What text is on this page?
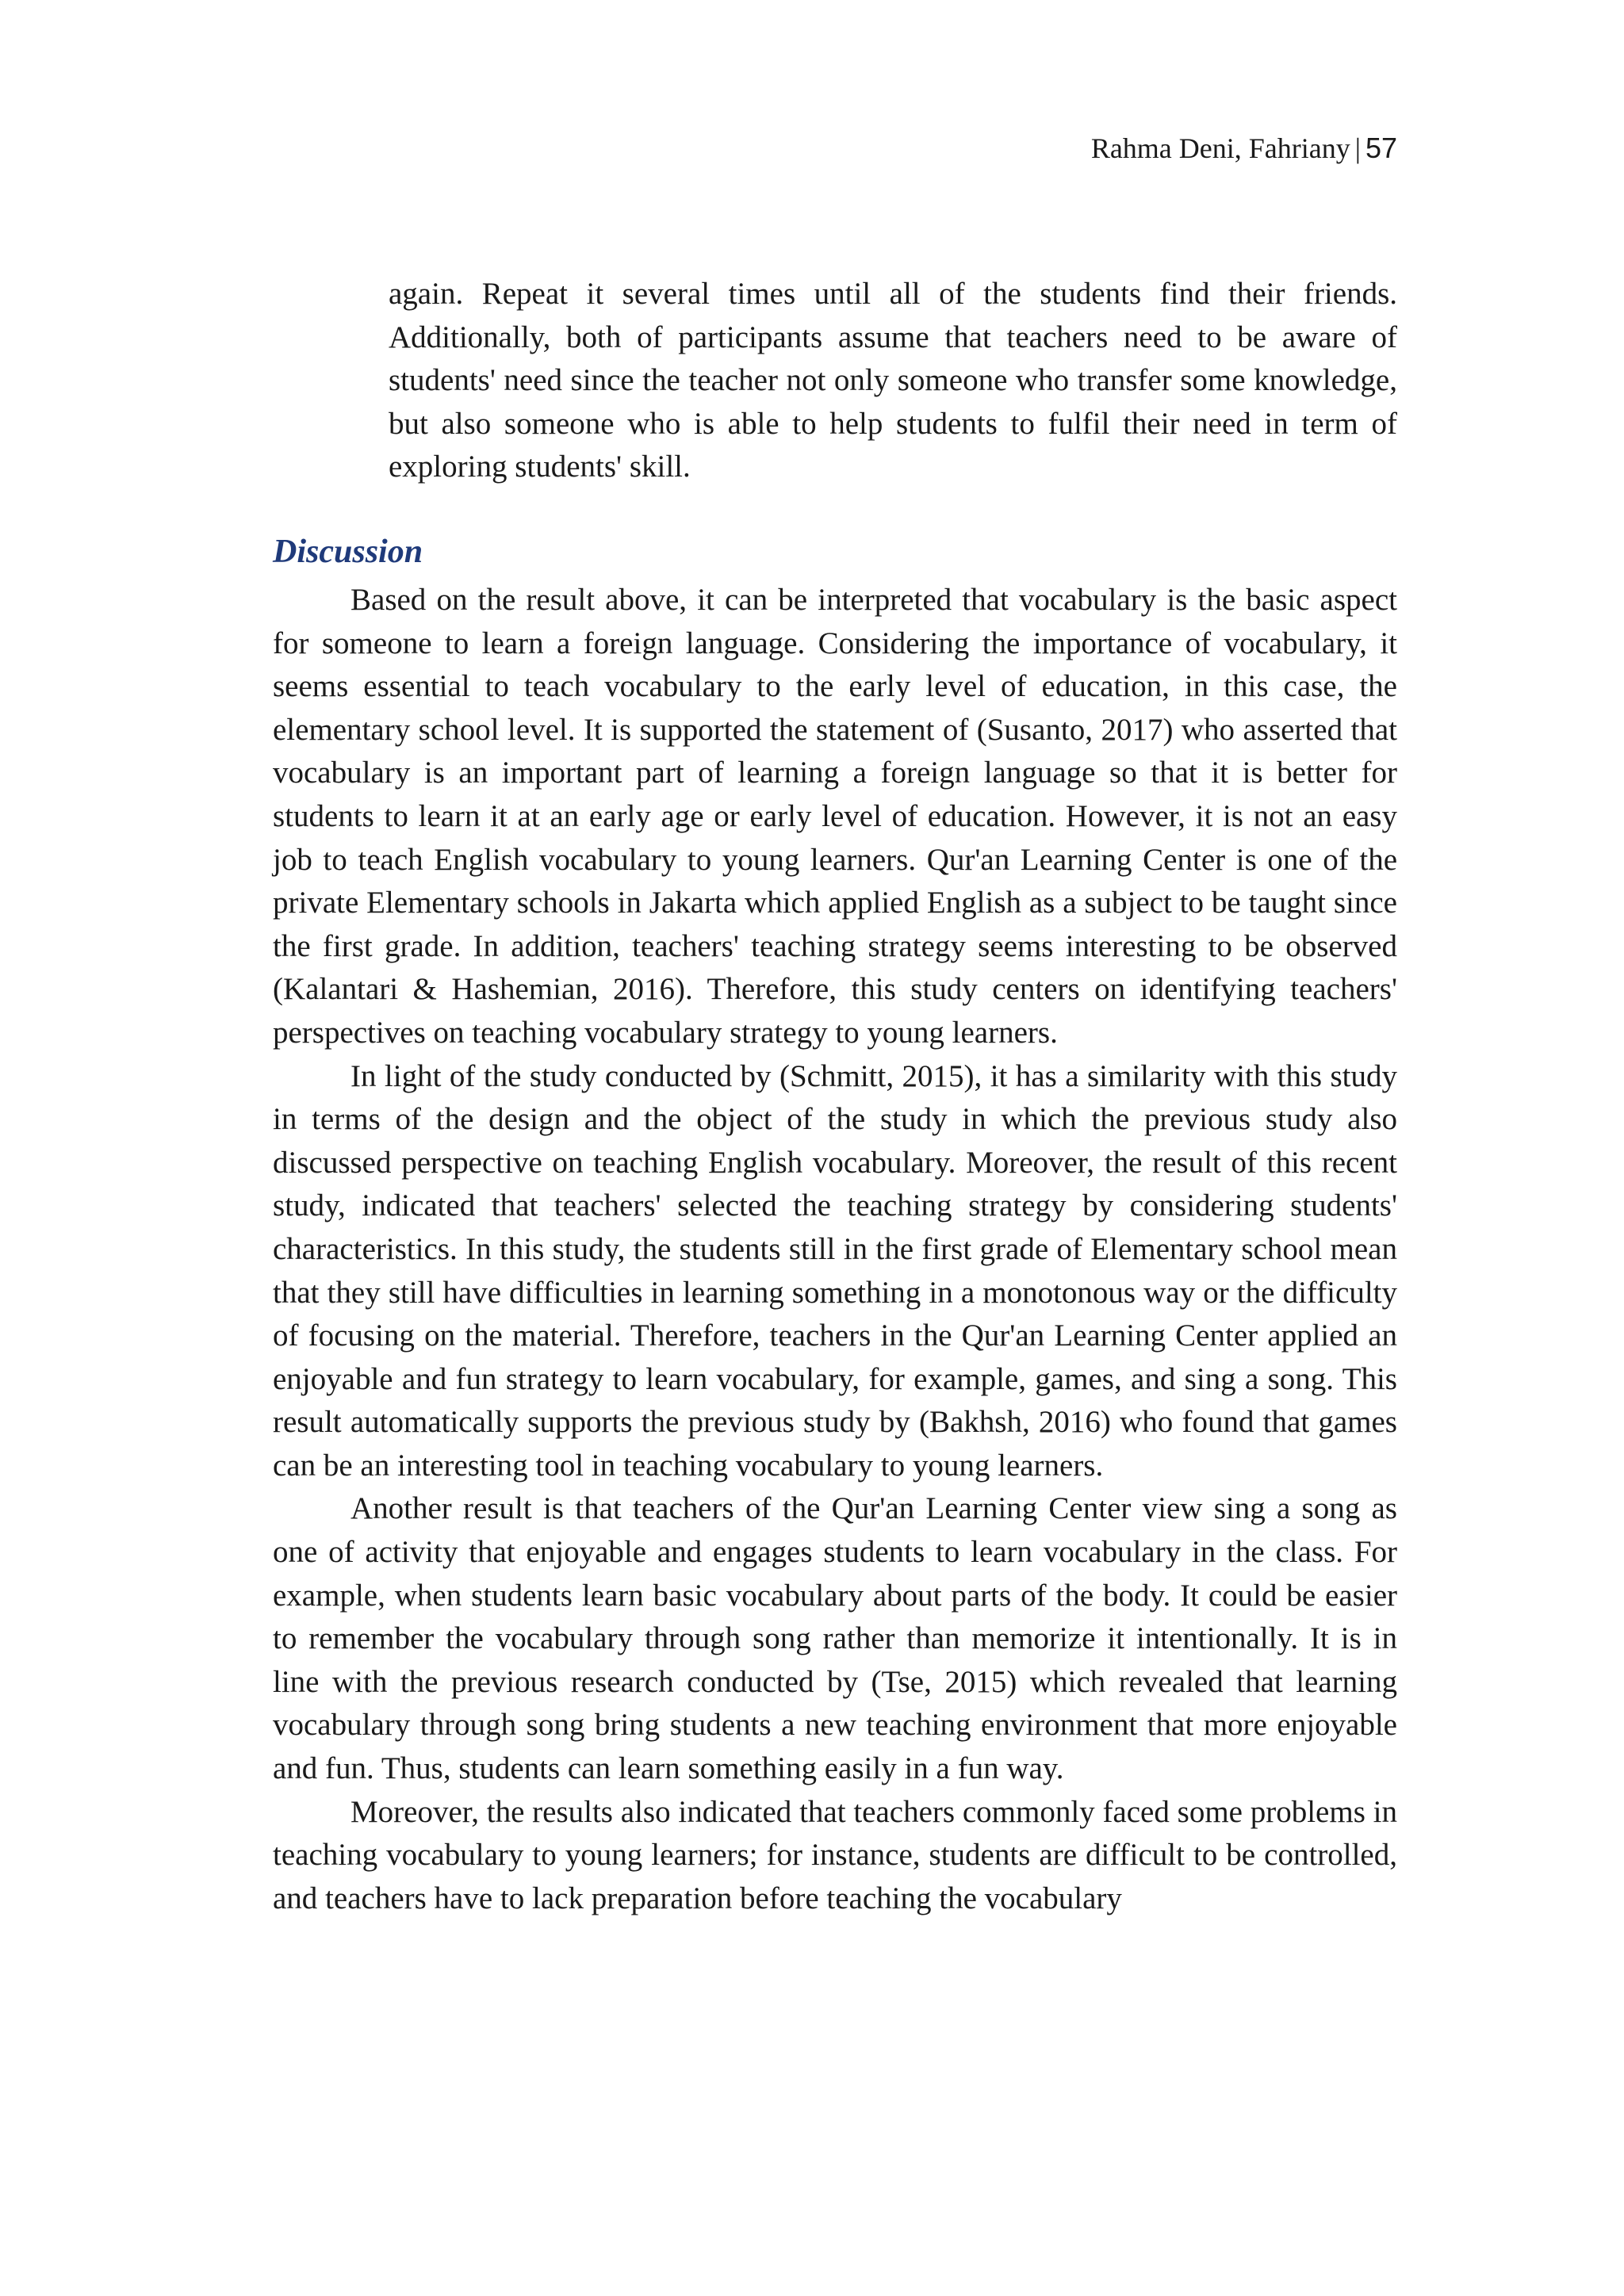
Rahma Deni, Fahriany | 57

again. Repeat it several times until all of the students find their friends. Additionally, both of participants assume that teachers need to be aware of students' need since the teacher not only someone who transfer some knowledge, but also someone who is able to help students to fulfil their need in term of exploring students' skill.

Discussion

Based on the result above, it can be interpreted that vocabulary is the basic aspect for someone to learn a foreign language. Considering the importance of vocabulary, it seems essential to teach vocabulary to the early level of education, in this case, the elementary school level. It is supported the statement of (Susanto, 2017) who asserted that vocabulary is an important part of learning a foreign language so that it is better for students to learn it at an early age or early level of education. However, it is not an easy job to teach English vocabulary to young learners. Qur'an Learning Center is one of the private Elementary schools in Jakarta which applied English as a subject to be taught since the first grade. In addition, teachers' teaching strategy seems interesting to be observed (Kalantari & Hashemian, 2016). Therefore, this study centers on identifying teachers' perspectives on teaching vocabulary strategy to young learners.

In light of the study conducted by (Schmitt, 2015), it has a similarity with this study in terms of the design and the object of the study in which the previous study also discussed perspective on teaching English vocabulary. Moreover, the result of this recent study, indicated that teachers' selected the teaching strategy by considering students' characteristics. In this study, the students still in the first grade of Elementary school mean that they still have difficulties in learning something in a monotonous way or the difficulty of focusing on the material. Therefore, teachers in the Qur'an Learning Center applied an enjoyable and fun strategy to learn vocabulary, for example, games, and sing a song. This result automatically supports the previous study by (Bakhsh, 2016) who found that games can be an interesting tool in teaching vocabulary to young learners.

Another result is that teachers of the Qur'an Learning Center view sing a song as one of activity that enjoyable and engages students to learn vocabulary in the class. For example, when students learn basic vocabulary about parts of the body. It could be easier to remember the vocabulary through song rather than memorize it intentionally. It is in line with the previous research conducted by (Tse, 2015) which revealed that learning vocabulary through song bring students a new teaching environment that more enjoyable and fun. Thus, students can learn something easily in a fun way.

Moreover, the results also indicated that teachers commonly faced some problems in teaching vocabulary to young learners; for instance, students are difficult to be controlled, and teachers have to lack preparation before teaching the vocabulary
